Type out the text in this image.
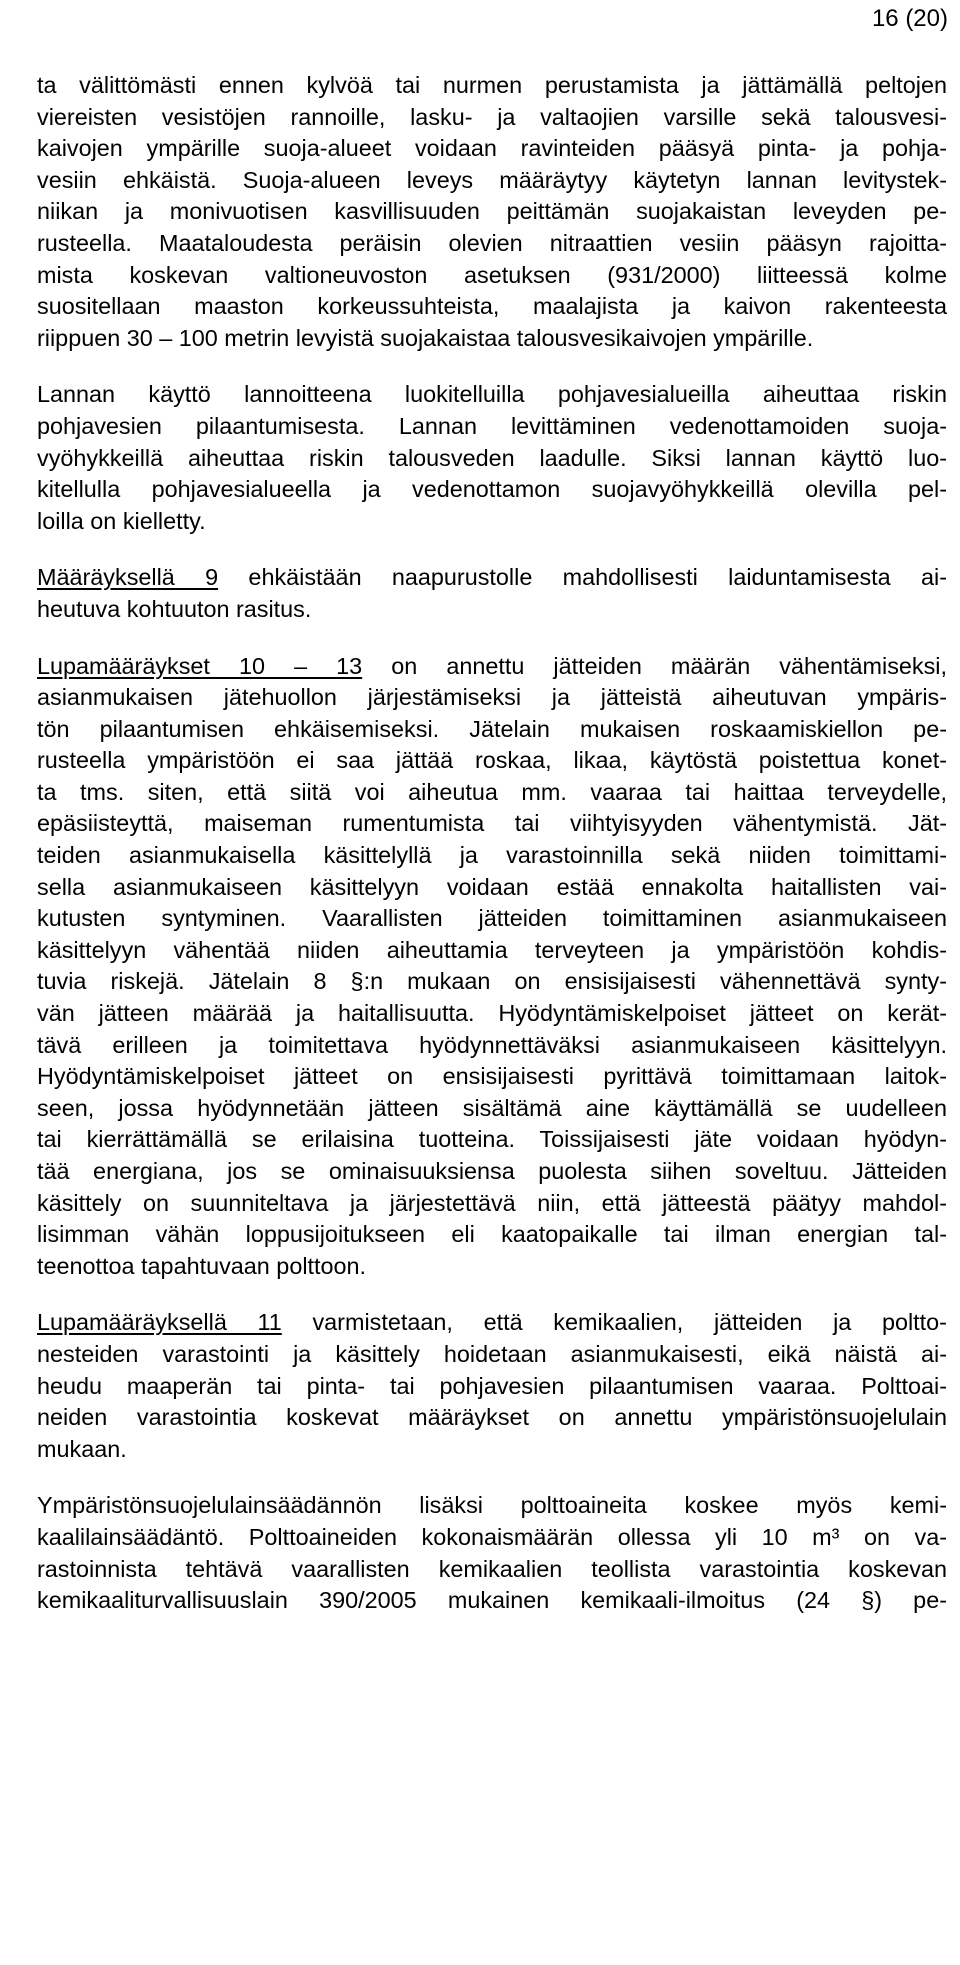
16 (20)
ta välittömästi ennen kylvöä tai nurmen perustamista ja jättämällä peltojen
viereisten vesistöjen rannoille, lasku- ja valtaojien varsille sekä talousvesi-
kaivojen ympärille suoja-alueet voidaan ravinteiden pääsyä pinta- ja pohja-
vesiin ehkäistä. Suoja-alueen leveys määräytyy käytetyn lannan levitystek-
niikan ja monivuotisen kasvillisuuden peittämän suojakaistan leveyden pe-
rusteella. Maataloudesta peräisin olevien nitraattien vesiin pääsyn rajoitta-
mista koskevan valtioneuvoston asetuksen (931/2000) liitteessä kolme
suositellaan maaston korkeussuhteista, maalajista ja kaivon rakenteesta
riippuen 30 – 100 metrin levyistä suojakaistaa talousvesikaivojen ympärille.
Lannan käyttö lannoitteena luokitelluilla pohjavesialueilla aiheuttaa riskin
pohjavesien pilaantumisesta. Lannan levittäminen vedenottamoiden suoja-
vyöhykkeillä aiheuttaa riskin talousveden laadulle. Siksi lannan käyttö luo-
kitellulla pohjavesialueella ja vedenottamon suojavyöhykkeillä olevilla pel-
loilla on kielletty.
Määräyksellä 9 ehkäistään naapurustolle mahdollisesti laiduntamisesta ai-
heutuva kohtuuton rasitus.
Lupamääräykset 10 – 13 on annettu jätteiden määrän vähentämiseksi,
asianmukaisen jätehuollon järjestämiseksi ja jätteistä aiheutuvan ympäris-
tön pilaantumisen ehkäisemiseksi. Jätelain mukaisen roskaamiskiellon pe-
rusteella ympäristöön ei saa jättää roskaa, likaa, käytöstä poistettua konet-
ta tms. siten, että siitä voi aiheutua mm. vaaraa tai haittaa terveydelle,
epäsiisteyttä, maiseman rumentumista tai viihtyisyyden vähentymistä. Jät-
teiden asianmukaisella käsittelyllä ja varastoinnilla sekä niiden toimittami-
sella asianmukaiseen käsittelyyn voidaan estää ennakolta haitallisten vai-
kutusten syntyminen. Vaarallisten jätteiden toimittaminen asianmukaiseen
käsittelyyn vähentää niiden aiheuttamia terveyteen ja ympäristöön kohdis-
tuvia riskejä. Jätelain 8 §:n mukaan on ensisijaisesti vähennettävä synty-
vän jätteen määrää ja haitallisuutta. Hyödyntämiskelpoiset jätteet on kerät-
tävä erilleen ja toimitettava hyödynnettäväksi asianmukaiseen käsittelyyn.
Hyödyntämiskelpoiset jätteet on ensisijaisesti pyrittävä toimittamaan laitok-
seen, jossa hyödynnetään jätteen sisältämä aine käyttämällä se uudelleen
tai kierrättämällä se erilaisina tuotteina. Toissijaisesti jäte voidaan hyödyn-
tää energiana, jos se ominaisuuksiensa puolesta siihen soveltuu. Jätteiden
käsittely on suunniteltava ja järjestettävä niin, että jätteestä päätyy mahdol-
lisimman vähän loppusijoitukseen eli kaatopaikalle tai ilman energian tal-
teenottoa tapahtuvaan polttoon.
Lupamääräyksellä 11 varmistetaan, että kemikaalien, jätteiden ja poltto-
nesteiden varastointi ja käsittely hoidetaan asianmukaisesti, eikä näistä ai-
heudu maaperän tai pinta- tai pohjavesien pilaantumisen vaaraa. Polttoai-
neiden varastointia koskevat määräykset on annettu ympäristönsuojelulain
mukaan.
Ympäristönsuojelulainsäädännön lisäksi polttoaineita koskee myös kemi-
kaalilainsäädäntö. Polttoaineiden kokonaismäärän ollessa yli 10 m³ on va-
rastoinnista tehtävä vaarallisten kemikaalien teollista varastointia koskevan
kemikaaliturvallisuuslain 390/2005 mukainen kemikaali-ilmoitus (24 §) pe-
